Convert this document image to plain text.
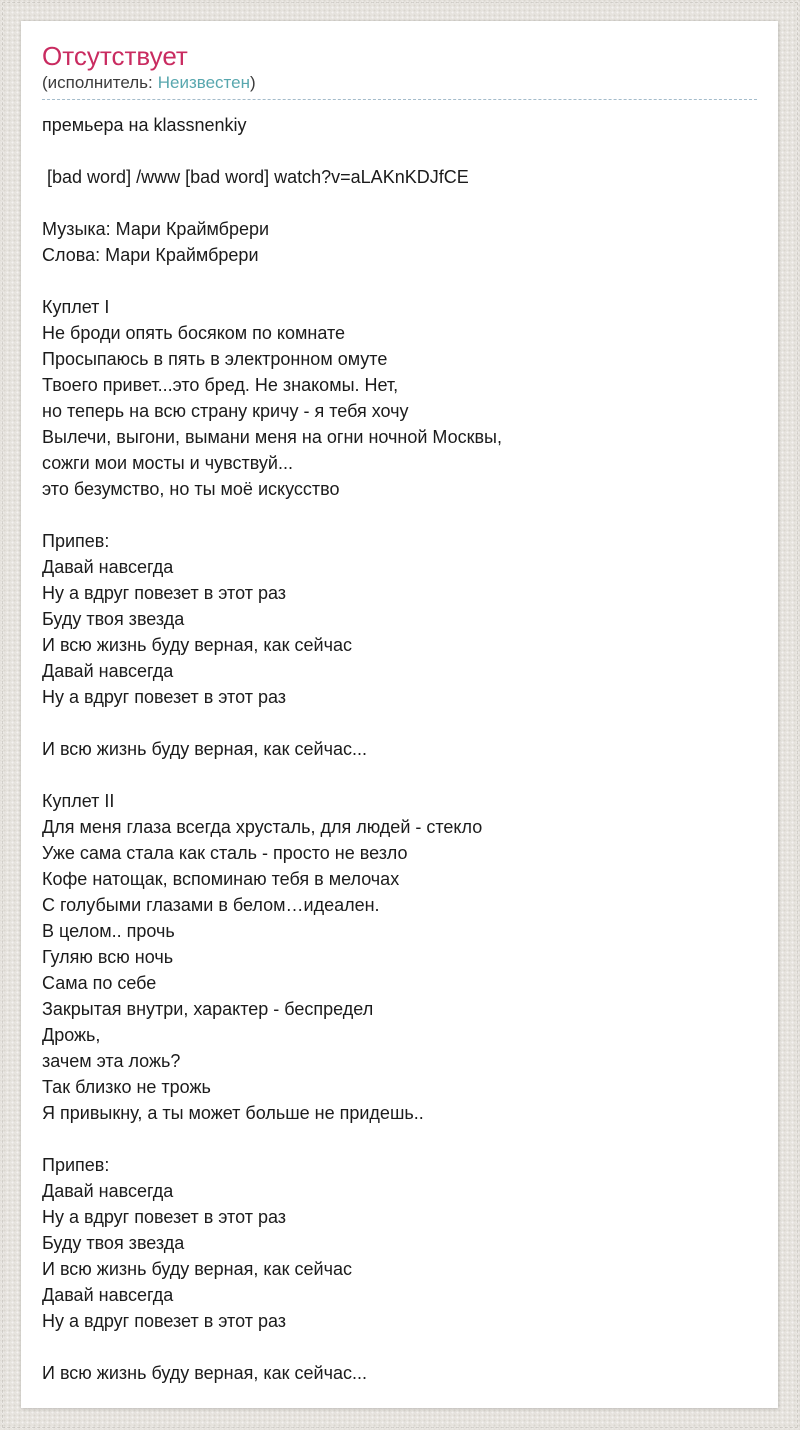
Отсутствует
(исполнитель: Неизвестен)
премьера на klassnenkiy
[bad word] /www [bad word] watch?v=aLAKnKDJfCE
Музыка: Мари Краймбрери
Слова: Мари Краймбрери
Куплет I
Не броди опять босяком по комнате
Просыпаюсь в пять в электронном омуте
Твоего привет...это бред. Не знакомы. Нет,
но теперь на всю страну кричу - я тебя хочу
Вылечи, выгони, вымани меня на огни ночной Москвы,
сожги мои мосты и чувствуй...
это безумство, но ты моё искусство
Припев:
Давай навсегда
Ну а вдруг повезет в этот раз
Буду твоя звезда
И всю жизнь буду верная, как сейчас
Давай навсегда
Ну а вдруг повезет в этот раз
И всю жизнь буду верная, как сейчас...
Куплет II
Для меня глаза всегда хрусталь, для людей - стекло
Уже сама стала как сталь - просто не везло
Кофе натощак, вспоминаю тебя в мелочах
С голубыми глазами в белом…идеален.
В целом.. прочь
Гуляю всю ночь
Сама по себе
Закрытая внутри, характер - беспредел
Дрожь,
зачем эта ложь?
Так близко не трожь
Я привыкну, а ты может больше не придешь..
Припев:
Давай навсегда
Ну а вдруг повезет в этот раз
Буду твоя звезда
И всю жизнь буду верная, как сейчас
Давай навсегда
Ну а вдруг повезет в этот раз
И всю жизнь буду верная, как сейчас...
